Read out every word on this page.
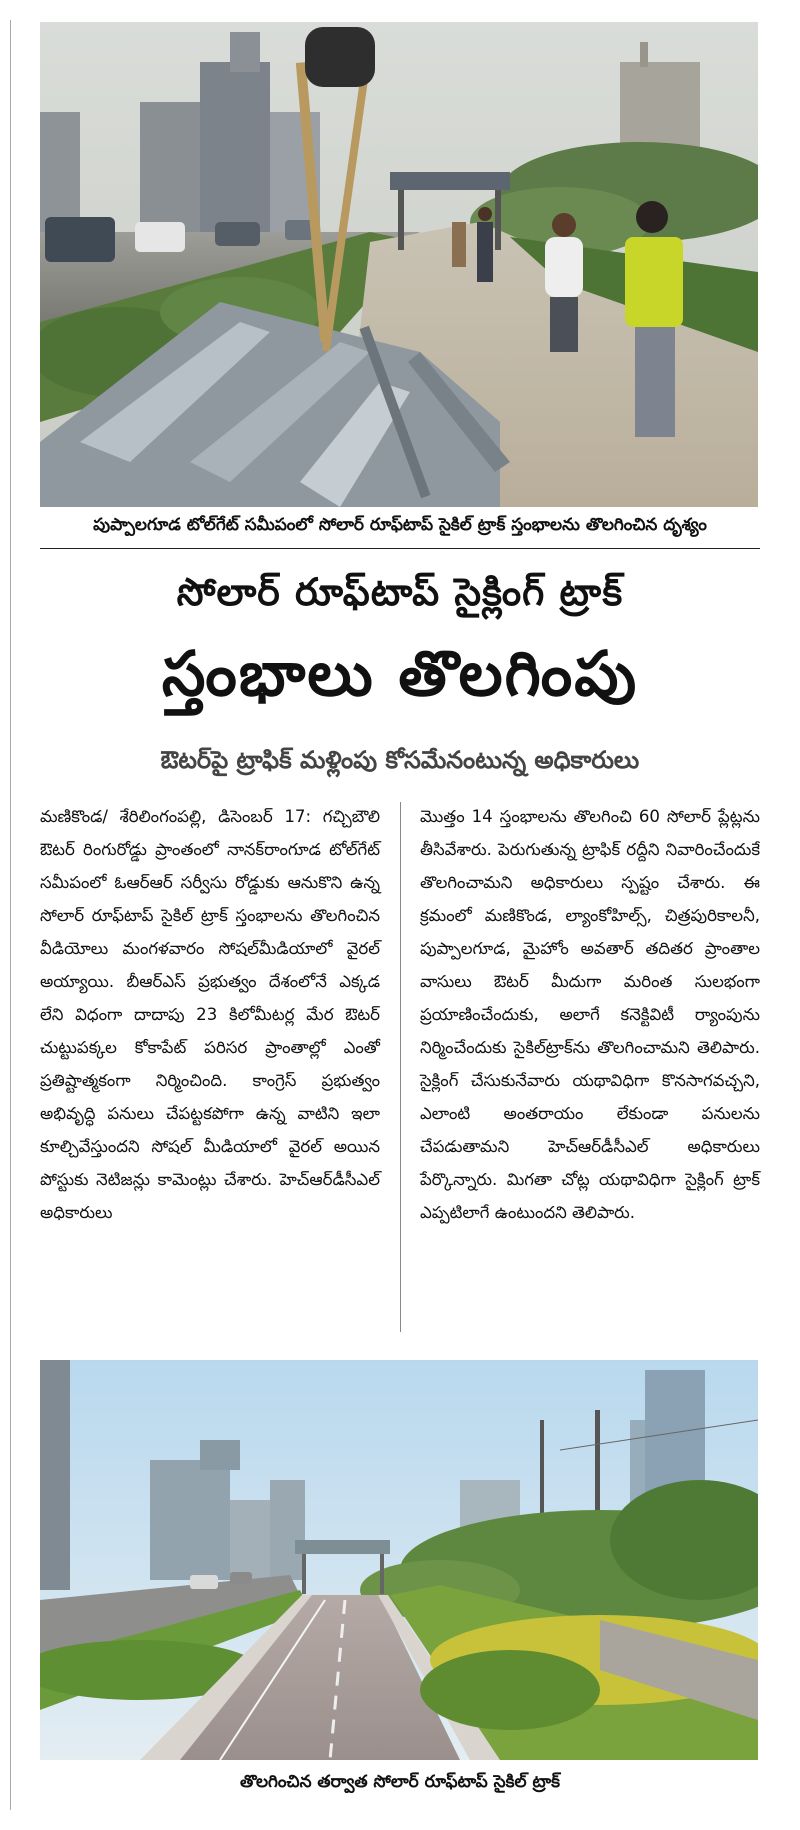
పుప్పాలగూడ టోల్‌గేట్ సమీపంలో సోలార్ రూఫ్‌టాప్ సైకిల్ ట్రాక్ స్తంభాలను తొలగించిన దృశ్యం
సోలార్ రూఫ్‌టాప్ సైక్లింగ్ ట్రాక్
స్తంభాలు తొలగింపు
ఔటర్‌పై ట్రాఫిక్ మళ్లింపు కోసమేనంటున్న అధికారులు
మణికొండ/ శేరిలింగంపల్లి, డిసెంబర్ 17: గచ్చిబౌలి ఔటర్ రింగురోడ్డు ప్రాంతంలో నానక్‌రాంగూడ టోల్‌గేట్ సమీపంలో ఓఆర్‌ఆర్ సర్వీసు రోడ్డుకు ఆనుకొని ఉన్న సోలార్ రూఫ్‌టాప్ సైకిల్ ట్రాక్ స్తంభాలను తొలగించిన వీడియోలు మంగళవారం సోషల్‌మీడియాలో వైరల్ అయ్యాయి. బీఆర్‌ఎస్ ప్రభుత్వం దేశంలోనే ఎక్కడ లేని విధంగా దాదాపు 23 కిలోమీటర్ల మేర ఔటర్ చుట్టుపక్కల కోకాపేట్ పరిసర ప్రాంతాల్లో ఎంతో ప్రతిష్టాత్మకంగా నిర్మించింది. కాంగ్రెస్ ప్రభుత్వం అభివృద్ధి పనులు చేపట్టకపోగా ఉన్న వాటిని ఇలా కూల్చివేస్తుందని సోషల్ మీడియాలో వైరల్ అయిన పోస్టుకు నెటిజన్లు కామెంట్లు చేశారు. హెచ్‌ఆర్‌డీసీఎల్ అధికారులు
మొత్తం 14 స్తంభాలను తొలగించి 60 సోలార్ ప్లేట్లను తీసివేశారు. పెరుగుతున్న ట్రాఫిక్ రద్దీని నివారించేందుకే తొలగించామని అధికారులు స్పష్టం చేశారు. ఈ క్రమంలో మణికొండ, ల్యాంకోహిల్స్, చిత్రపురికాలనీ, పుప్పాలగూడ, మైహోం అవతార్ తదితర ప్రాంతాల వాసులు ఔటర్ మీదుగా మరింత సులభంగా ప్రయాణించేందుకు, అలాగే కనెక్టివిటీ ర్యాంపును నిర్మించేందుకు సైకిల్‌ట్రాక్‌ను తొలగించామని తెలిపారు. సైక్లింగ్ చేసుకునేవారు యథావిధిగా కొనసాగవచ్చని, ఎలాంటి అంతరాయం లేకుండా పనులను చేపడుతామని హెచ్‌ఆర్‌డీసీఎల్ అధికారులు పేర్కొన్నారు. మిగతా చోట్ల యథావిధిగా సైక్లింగ్ ట్రాక్ ఎప్పటిలాగే ఉంటుందని తెలిపారు.
తొలగించిన తర్వాత సోలార్ రూఫ్‌టాప్ సైకిల్ ట్రాక్
